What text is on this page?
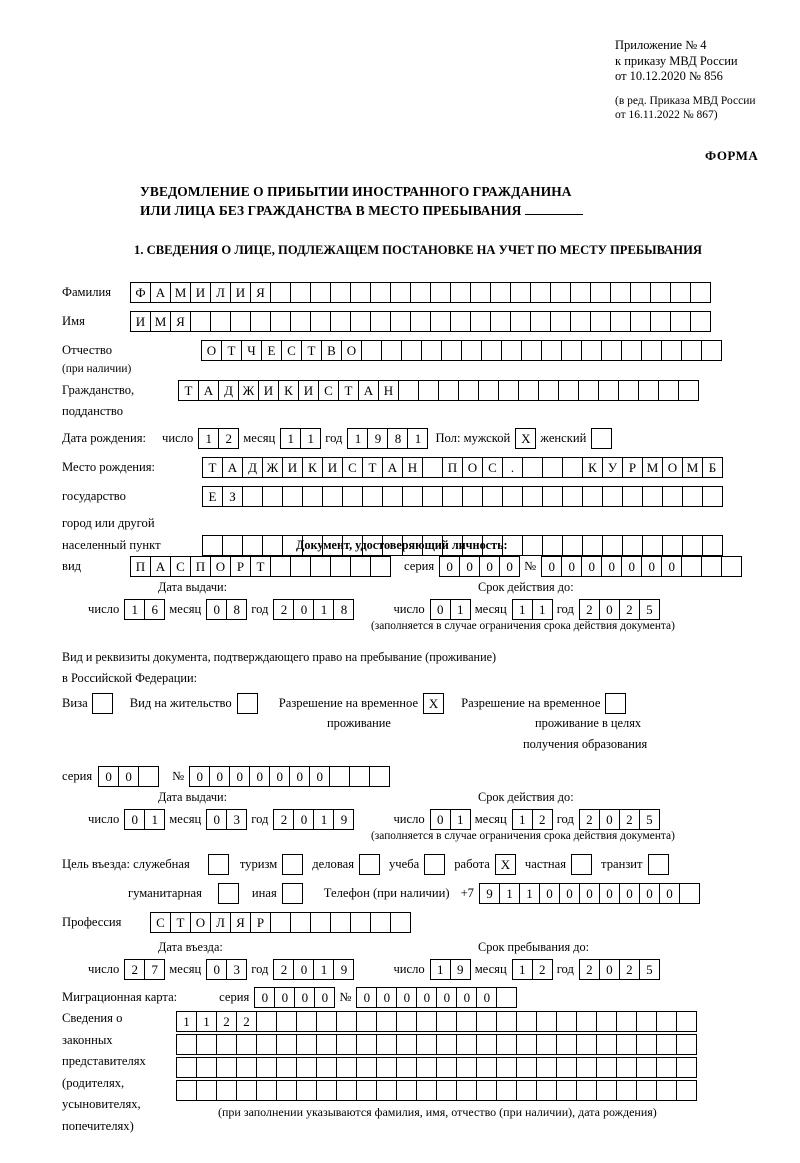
Приложение № 4
к приказу МВД России
от 10.12.2020 № 856
(в ред. Приказа МВД России
от 16.11.2022 № 867)
ФОРМА
УВЕДОМЛЕНИЕ О ПРИБЫТИИ ИНОСТРАННОГО ГРАЖДАНИНА
ИЛИ ЛИЦА БЕЗ ГРАЖДАНСТВА В МЕСТО ПРЕБЫВАНИЯ
1. СВЕДЕНИЯ О ЛИЦЕ, ПОДЛЕЖАЩЕМ ПОСТАНОВКЕ НА УЧЕТ ПО МЕСТУ ПРЕБЫВАНИЯ
Фамилия	Ф А М И Л И Я
Имя	И М Я
Отчество	О Т Ч Е С Т В О
(при наличии)
Гражданство,	Т А Д Ж И К И С Т А Н
подданство
Дата рождения:	число 1	2 месяц 1	1 год 1	9	8	1	Пол: мужской X женский
Место рождения:	Т А Д Ж И К И С Т А Н	П О С	.	К У Р М О М Б
государство	Е З
город или другой
населенный пункт	Документ, удостоверяющий личность:
вид	П А С П О Р Т	серия 0	0	0	0 № 0	0	0	0	0	0	0
Дата выдачи:	Срок действия до:
число 1	6 месяц 0	8 год 2	0	1	8	число 0	1 месяц 1	1 год 2	0	2	5
(заполняется в случае ограничения срока действия документа)
Вид и реквизиты документа, подтверждающего право на пребывание (проживание)
в Российской Федерации:
Виза	Вид на жительство	Разрешение на временное X	Разрешение на временное
проживание	проживание в целях
получения образования
серия	0	0	№ 0	0	0	0	0	0	0
Дата выдачи:	Срок действия до:
число 0	1 месяц 0	3 год 2	0	1	9	число 0	1 месяц 1	2 год 2	0	2	5
(заполняется в случае ограничения срока действия документа)
Цель въезда: служебная	туризм	деловая	учеба	работа X	частная	транзит
гуманитарная	иная	Телефон (при наличии) +7 9	1	1	0	0	0	0	0	0	0
Профессия	С Т О Л Я Р
Дата въезда:	Срок пребывания до:
число 2	7 месяц 0	3 год 2	0	1	9	число 1	9 месяц 1	2 год 2	0	2	5
Миграционная карта:	серия 0	0	0	0 № 0	0	0	0	0	0	0
Сведения о
законных
представителях
(родителях,
усыновителях,
попечителях)
1	1	2	2
(при заполнении указываются фамилия, имя, отчество (при наличии), дата рождения)
